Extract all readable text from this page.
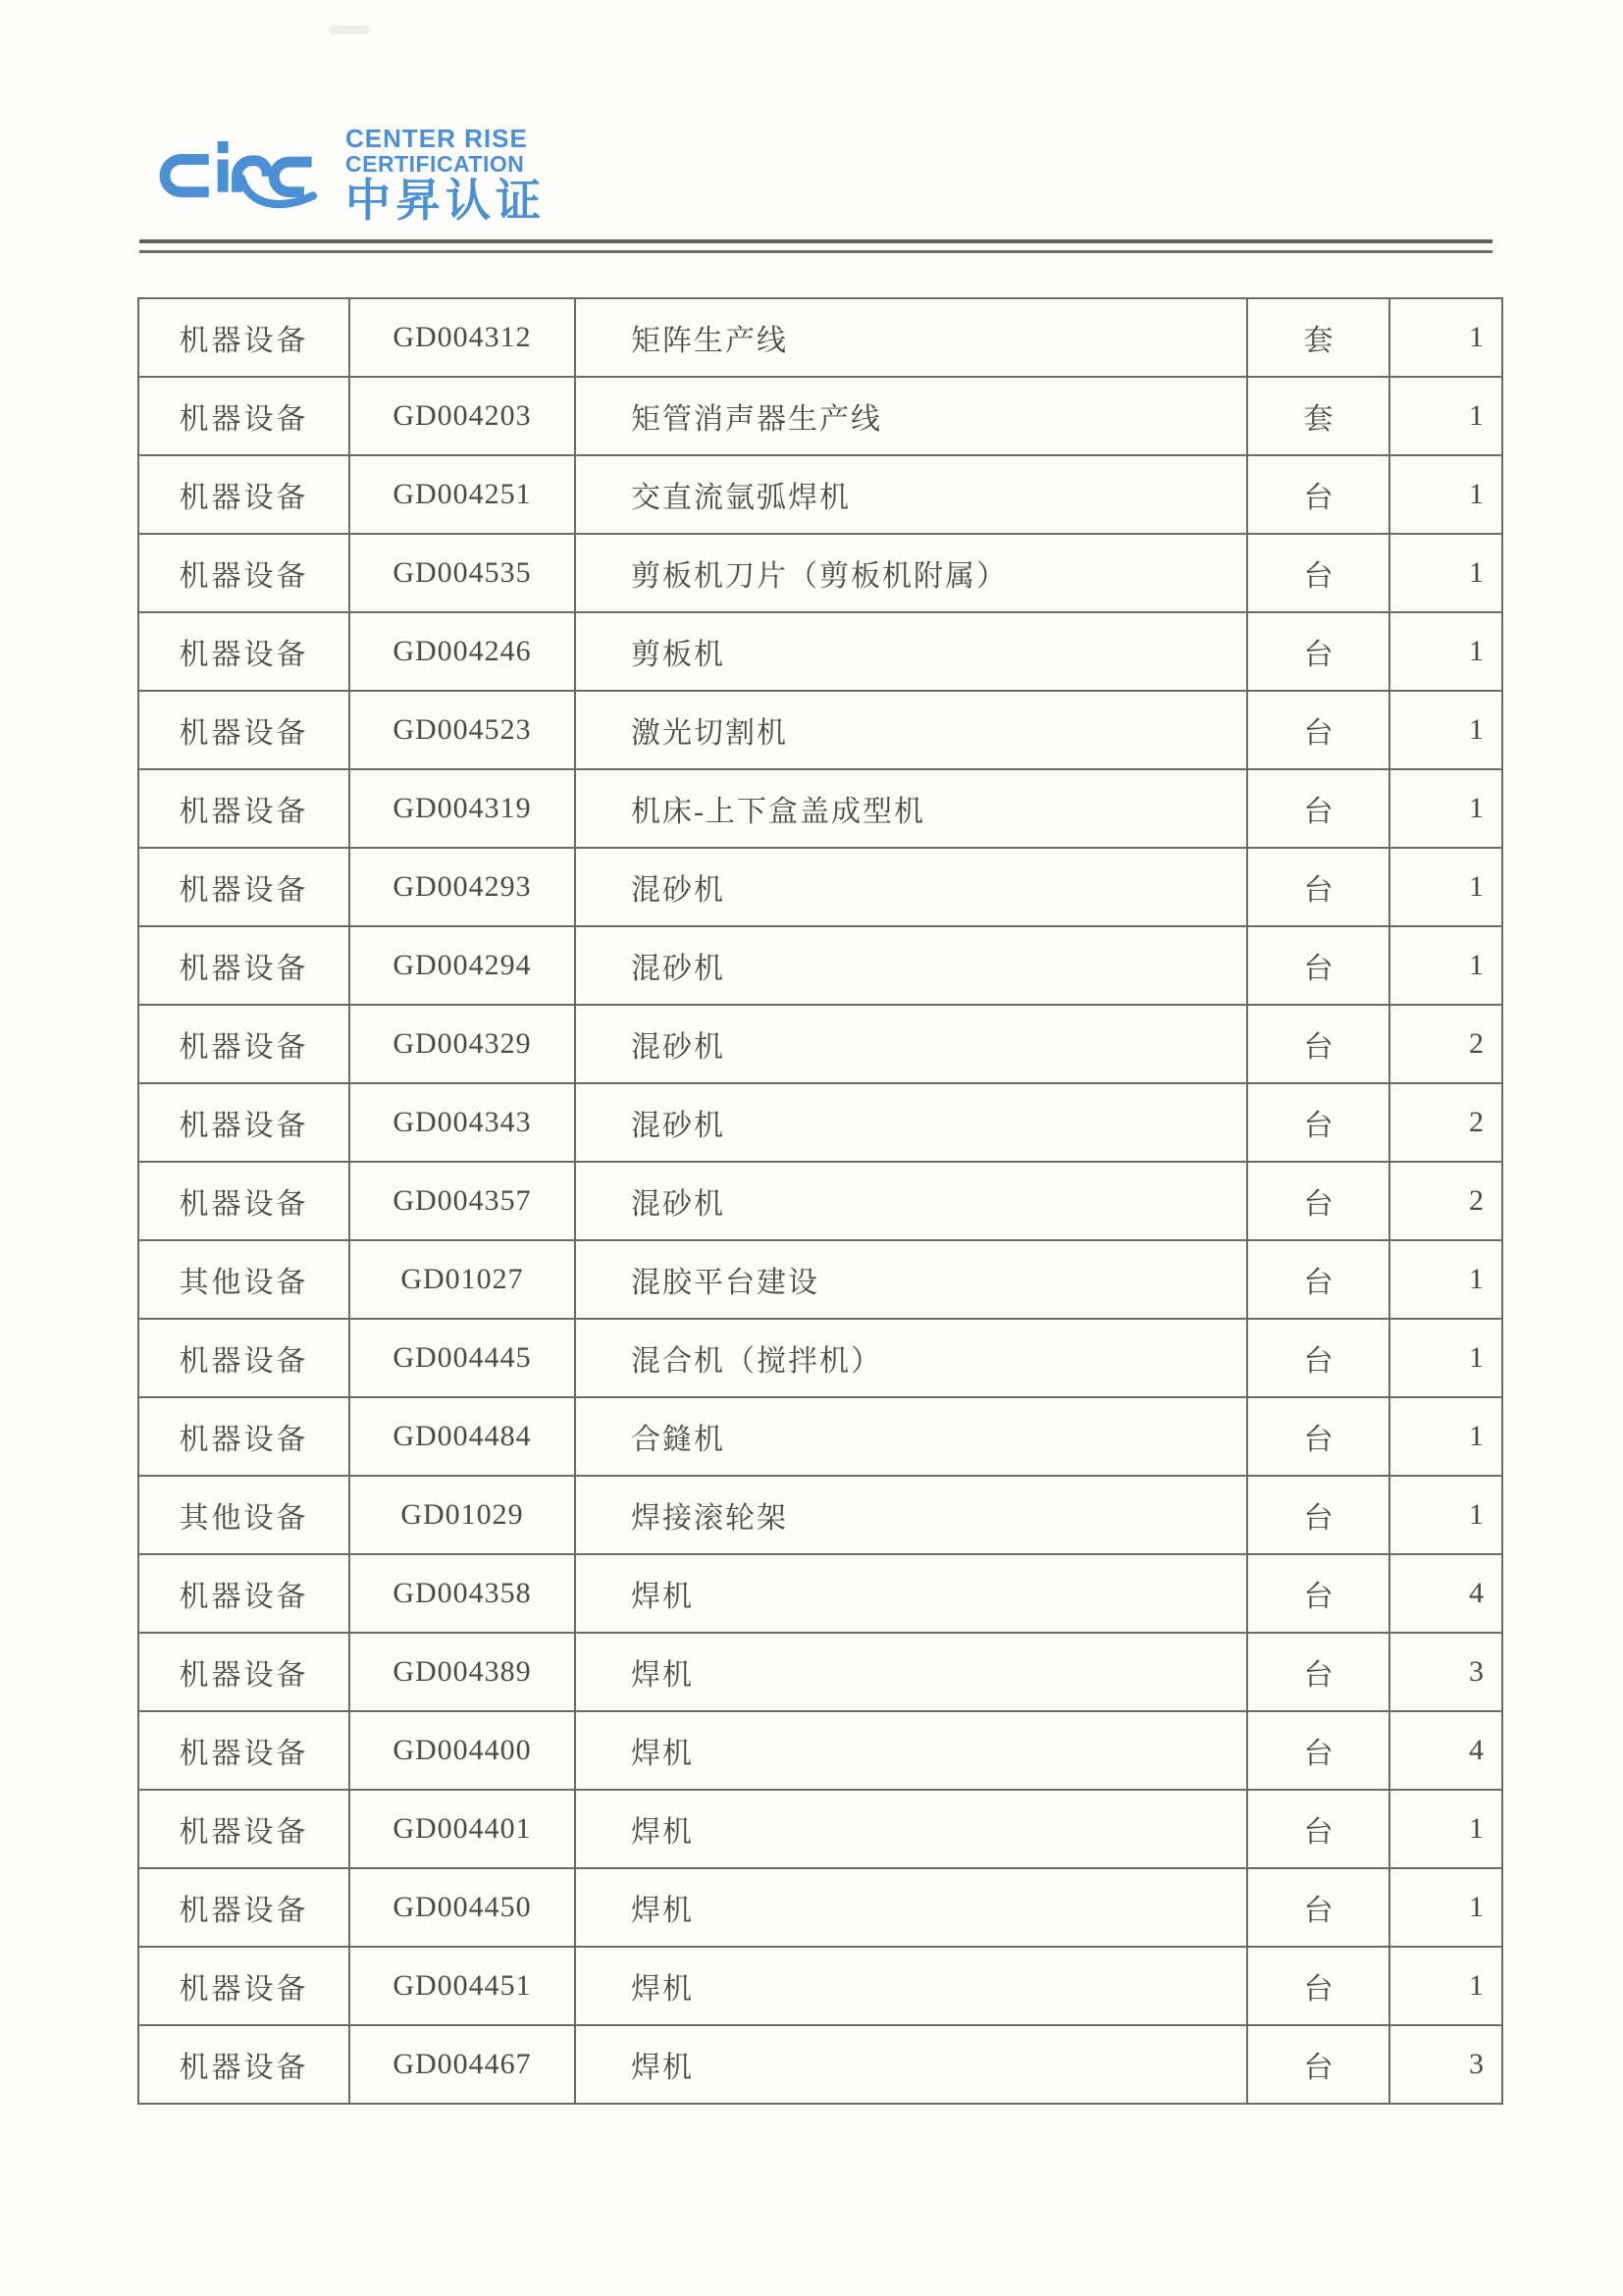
CENTER RISE
CERTIFICATION
中昇认证
机器设备	GD004312	矩阵生产线	套	1
机器设备	GD004203	矩管消声器生产线	套	1
机器设备	GD004251	交直流氩弧焊机	台	1
机器设备	GD004535	剪板机刀片（剪板机附属）	台	1
机器设备	GD004246	剪板机	台	1
机器设备	GD004523	激光切割机	台	1
机器设备	GD004319	机床-上下盒盖成型机	台	1
机器设备	GD004293	混砂机	台	1
机器设备	GD004294	混砂机	台	1
机器设备	GD004329	混砂机	台	2
机器设备	GD004343	混砂机	台	2
机器设备	GD004357	混砂机	台	2
其他设备	GD01027	混胶平台建设	台	1
机器设备	GD004445	混合机（搅拌机）	台	1
机器设备	GD004484	合鏠机	台	1
其他设备	GD01029	焊接滚轮架	台	1
机器设备	GD004358	焊机	台	4
机器设备	GD004389	焊机	台	3
机器设备	GD004400	焊机	台	4
机器设备	GD004401	焊机	台	1
机器设备	GD004450	焊机	台	1
机器设备	GD004451	焊机	台	1
机器设备	GD004467	焊机	台	3
